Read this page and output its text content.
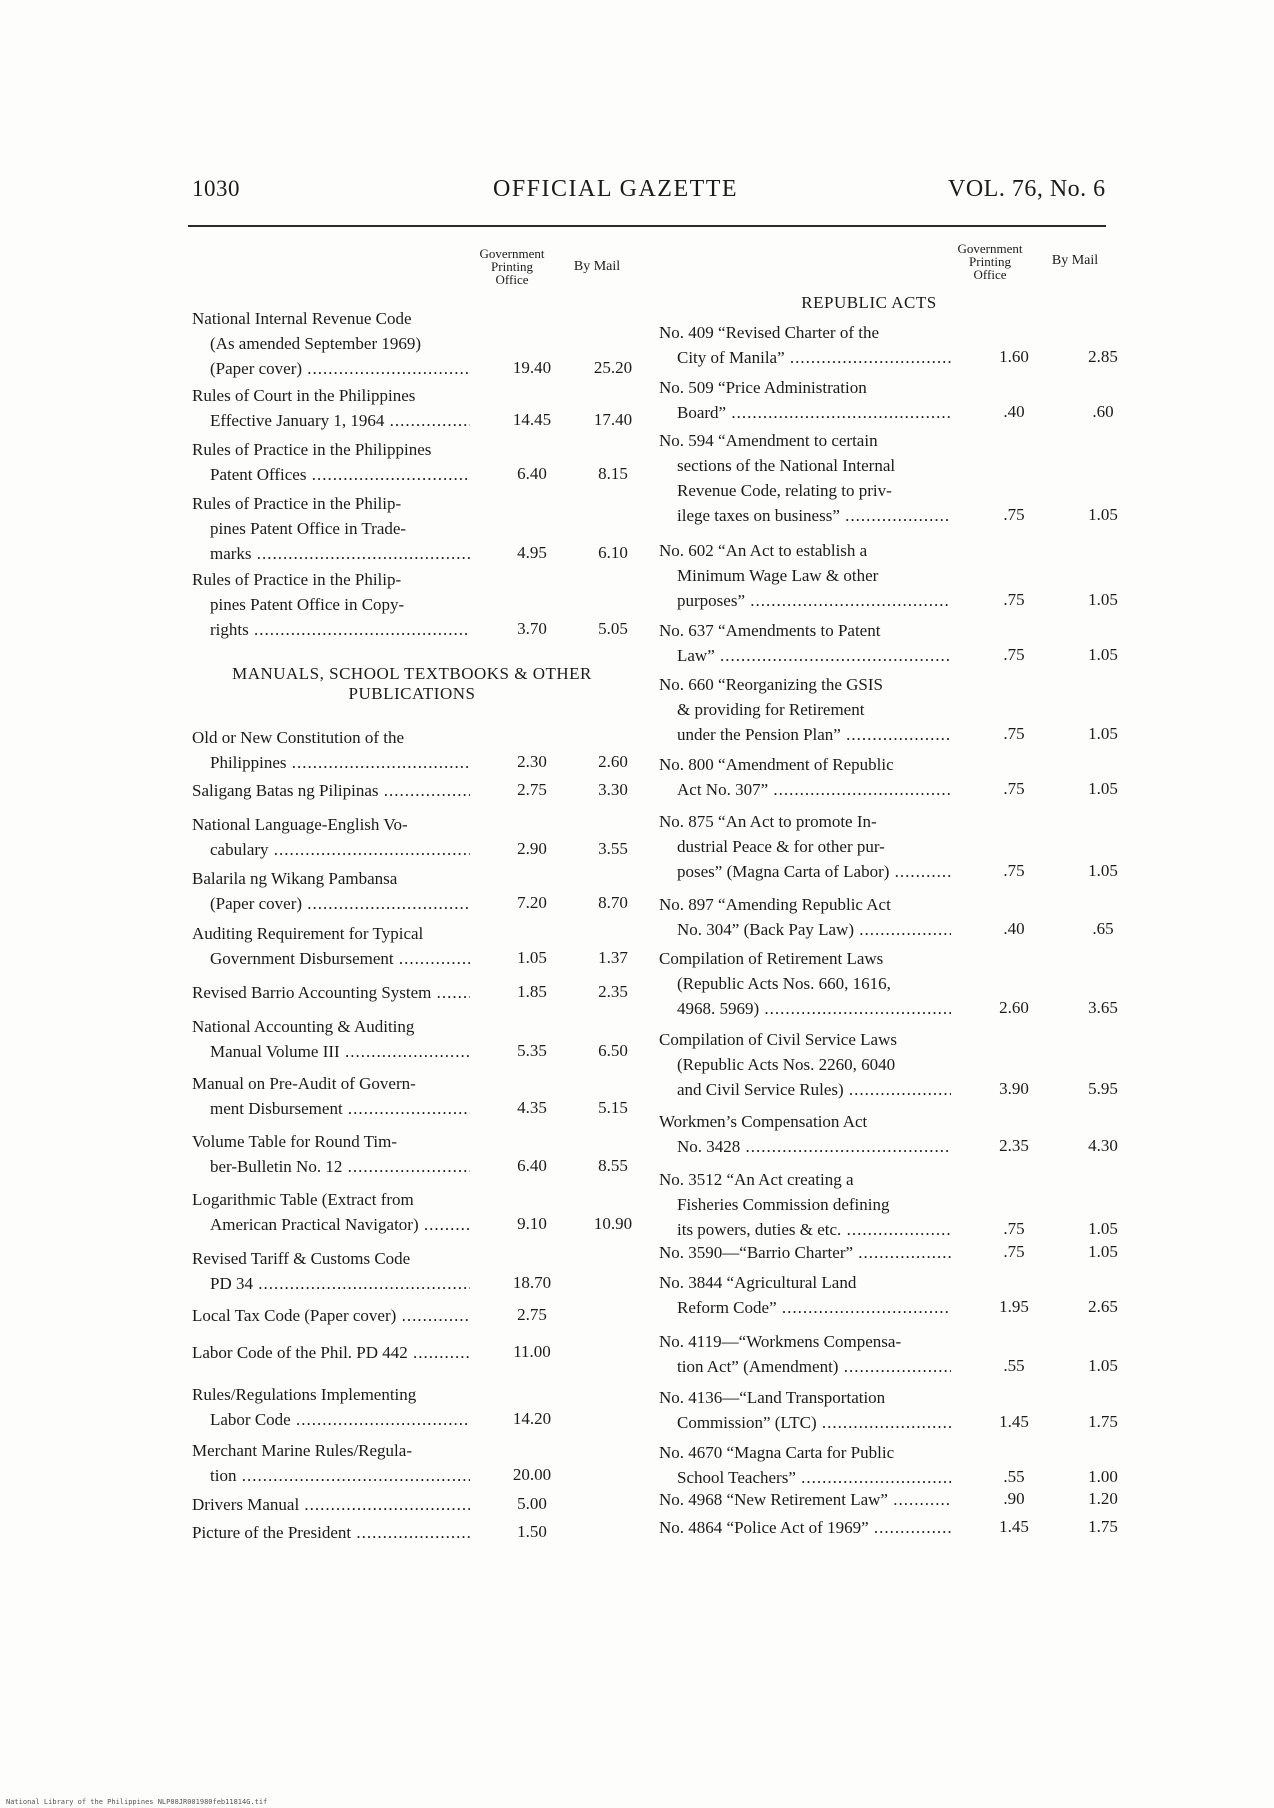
1030	OFFICIAL GAZETTE	VOL. 76, No. 6
Government
Printing
Office
By Mail
Government
Printing
Office
By Mail
National Internal Revenue Code
(As amended September 1969)
(Paper cover) .....	19.40	25.20
Rules of Court in the Philippines
Effective January 1, 1964 .....	14.45	17.40
Rules of Practice in the Philippines
Patent Offices .....	6.40	8.15
Rules of Practice in the Philip-
pines Patent Office in Trade-
marks .....	4.95	6.10
Rules of Practice in the Philip-
pines Patent Office in Copy-
rights .....	3.70	5.05
Old or New Constitution of the
Philippines .....	2.30	2.60
Saligang Batas ng Pilipinas .....	2.75	3.30
National Language-English Vo-
cabulary .....	2.90	3.55
Balarila ng Wikang Pambansa
(Paper cover) .....	7.20	8.70
Auditing Requirement for Typical
Government Disbursement .....	1.05	1.37
Revised Barrio Accounting System .....	1.85	2.35
National Accounting & Auditing
Manual Volume III .....	5.35	6.50
Manual on Pre-Audit of Govern-
ment Disbursement .....	4.35	5.15
Volume Table for Round Tim-
ber-Bulletin No. 12 .....	6.40	8.55
Logarithmic Table (Extract from
American Practical Navigator) .....	9.10	10.90
Revised Tariff & Customs Code
PD 34 .....	18.70
Local Tax Code (Paper cover) .....	2.75
Labor Code of the Phil. PD 442 .....	11.00
Rules/Regulations Implementing
Labor Code .....	14.20
Merchant Marine Rules/Regula-
tion .....	20.00
Drivers Manual .....	5.00
Picture of the President .....	1.50
MANUALS, SCHOOL TEXTBOOKS & OTHER
PUBLICATIONS
REPUBLIC ACTS
No. 409 “Revised Charter of the
City of Manila” .....	1.60	2.85
No. 509 “Price Administration
Board” .....	.40	.60
No. 594 “Amendment to certain
sections of the National Internal
Revenue Code, relating to priv-
ilege taxes on business” .....	.75	1.05
No. 602 “An Act to establish a
Minimum Wage Law & other
purposes” .....	.75	1.05
No. 637 “Amendments to Patent
Law” .....	.75	1.05
No. 660 “Reorganizing the GSIS
& providing for Retirement
under the Pension Plan” .....	.75	1.05
No. 800 “Amendment of Republic
Act No. 307” .....	.75	1.05
No. 875 “An Act to promote In-
dustrial Peace & for other pur-
poses” (Magna Carta of Labor) .....	.75	1.05
No. 897 “Amending Republic Act
No. 304” (Back Pay Law) .....	.40	.65
Compilation of Retirement Laws
(Republic Acts Nos. 660, 1616,
4968. 5969) .....	2.60	3.65
Compilation of Civil Service Laws
(Republic Acts Nos. 2260, 6040
and Civil Service Rules) .....	3.90	5.95
Workmen’s Compensation Act
No. 3428 .....	2.35	4.30
No. 3512 “An Act creating a
Fisheries Commission defining
its powers, duties & etc. .....	.75	1.05
No. 3590—“Barrio Charter” .....	.75	1.05
No. 3844 “Agricultural Land
Reform Code” .....	1.95	2.65
No. 4119—“Workmens Compensa-
tion Act” (Amendment) .....	.55	1.05
No. 4136—“Land Transportation
Commission” (LTC) .....	1.45	1.75
No. 4670 “Magna Carta for Public
School Teachers” .....	.55	1.00
No. 4968 “New Retirement Law” .....	.90	1.20
No. 4864 “Police Act of 1969” .....	1.45	1.75
National Library of the Philippines NLP08JR001980feb11814G.tif
